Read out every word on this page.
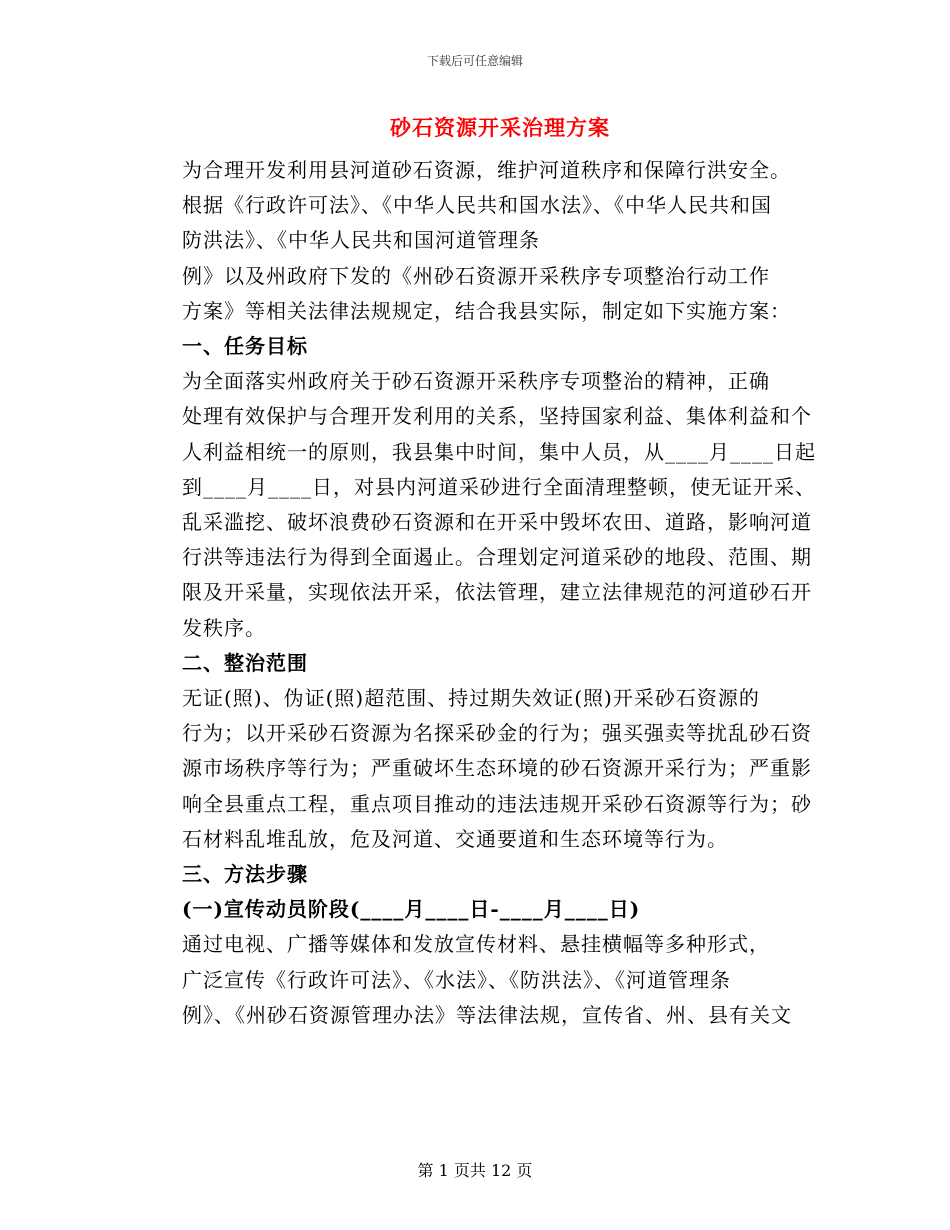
下载后可任意编辑
砂石资源开采治理方案

为合理开发利用县河道砂石资源，维护河道秩序和保障行洪安全。
根据《行政许可法》、《中华人民共和国水法》、《中华人民共和国
防洪法》、《中华人民共和国河道管理条

例》以及州政府下发的《州砂石资源开采秩序专项整治行动工作
方案》等相关法律法规规定，结合我县实际，制定如下实施方案：

一、任务目标

为全面落实州政府关于砂石资源开采秩序专项整治的精神，正确
处理有效保护与合理开发利用的关系，坚持国家利益、集体利益和个
人利益相统一的原则，我县集中时间，集中人员，从____月____日起
到____月____日，对县内河道采砂进行全面清理整顿，使无证开采、
乱采滥挖、破坏浪费砂石资源和在开采中毁坏农田、道路，影响河道
行洪等违法行为得到全面遏止。合理划定河道采砂的地段、范围、期
限及开采量，实现依法开采，依法管理，建立法律规范的河道砂石开
发秩序。

二、整治范围

无证(照)、伪证(照)超范围、持过期失效证(照)开采砂石资源的
行为；以开采砂石资源为名探采砂金的行为；强买强卖等扰乱砂石资
源市场秩序等行为；严重破坏生态环境的砂石资源开采行为；严重影
响全县重点工程，重点项目推动的违法违规开采砂石资源等行为；砂
石材料乱堆乱放，危及河道、交通要道和生态环境等行为。

三、方法步骤

(一)宣传动员阶段(____月____日-____月____日)

通过电视、广播等媒体和发放宣传材料、悬挂横幅等多种形式，
广泛宣传《行政许可法》、《水法》、《防洪法》、《河道管理条
例》、《州砂石资源管理办法》等法律法规，宣传省、州、县有关文

第 1 页共 12 页
